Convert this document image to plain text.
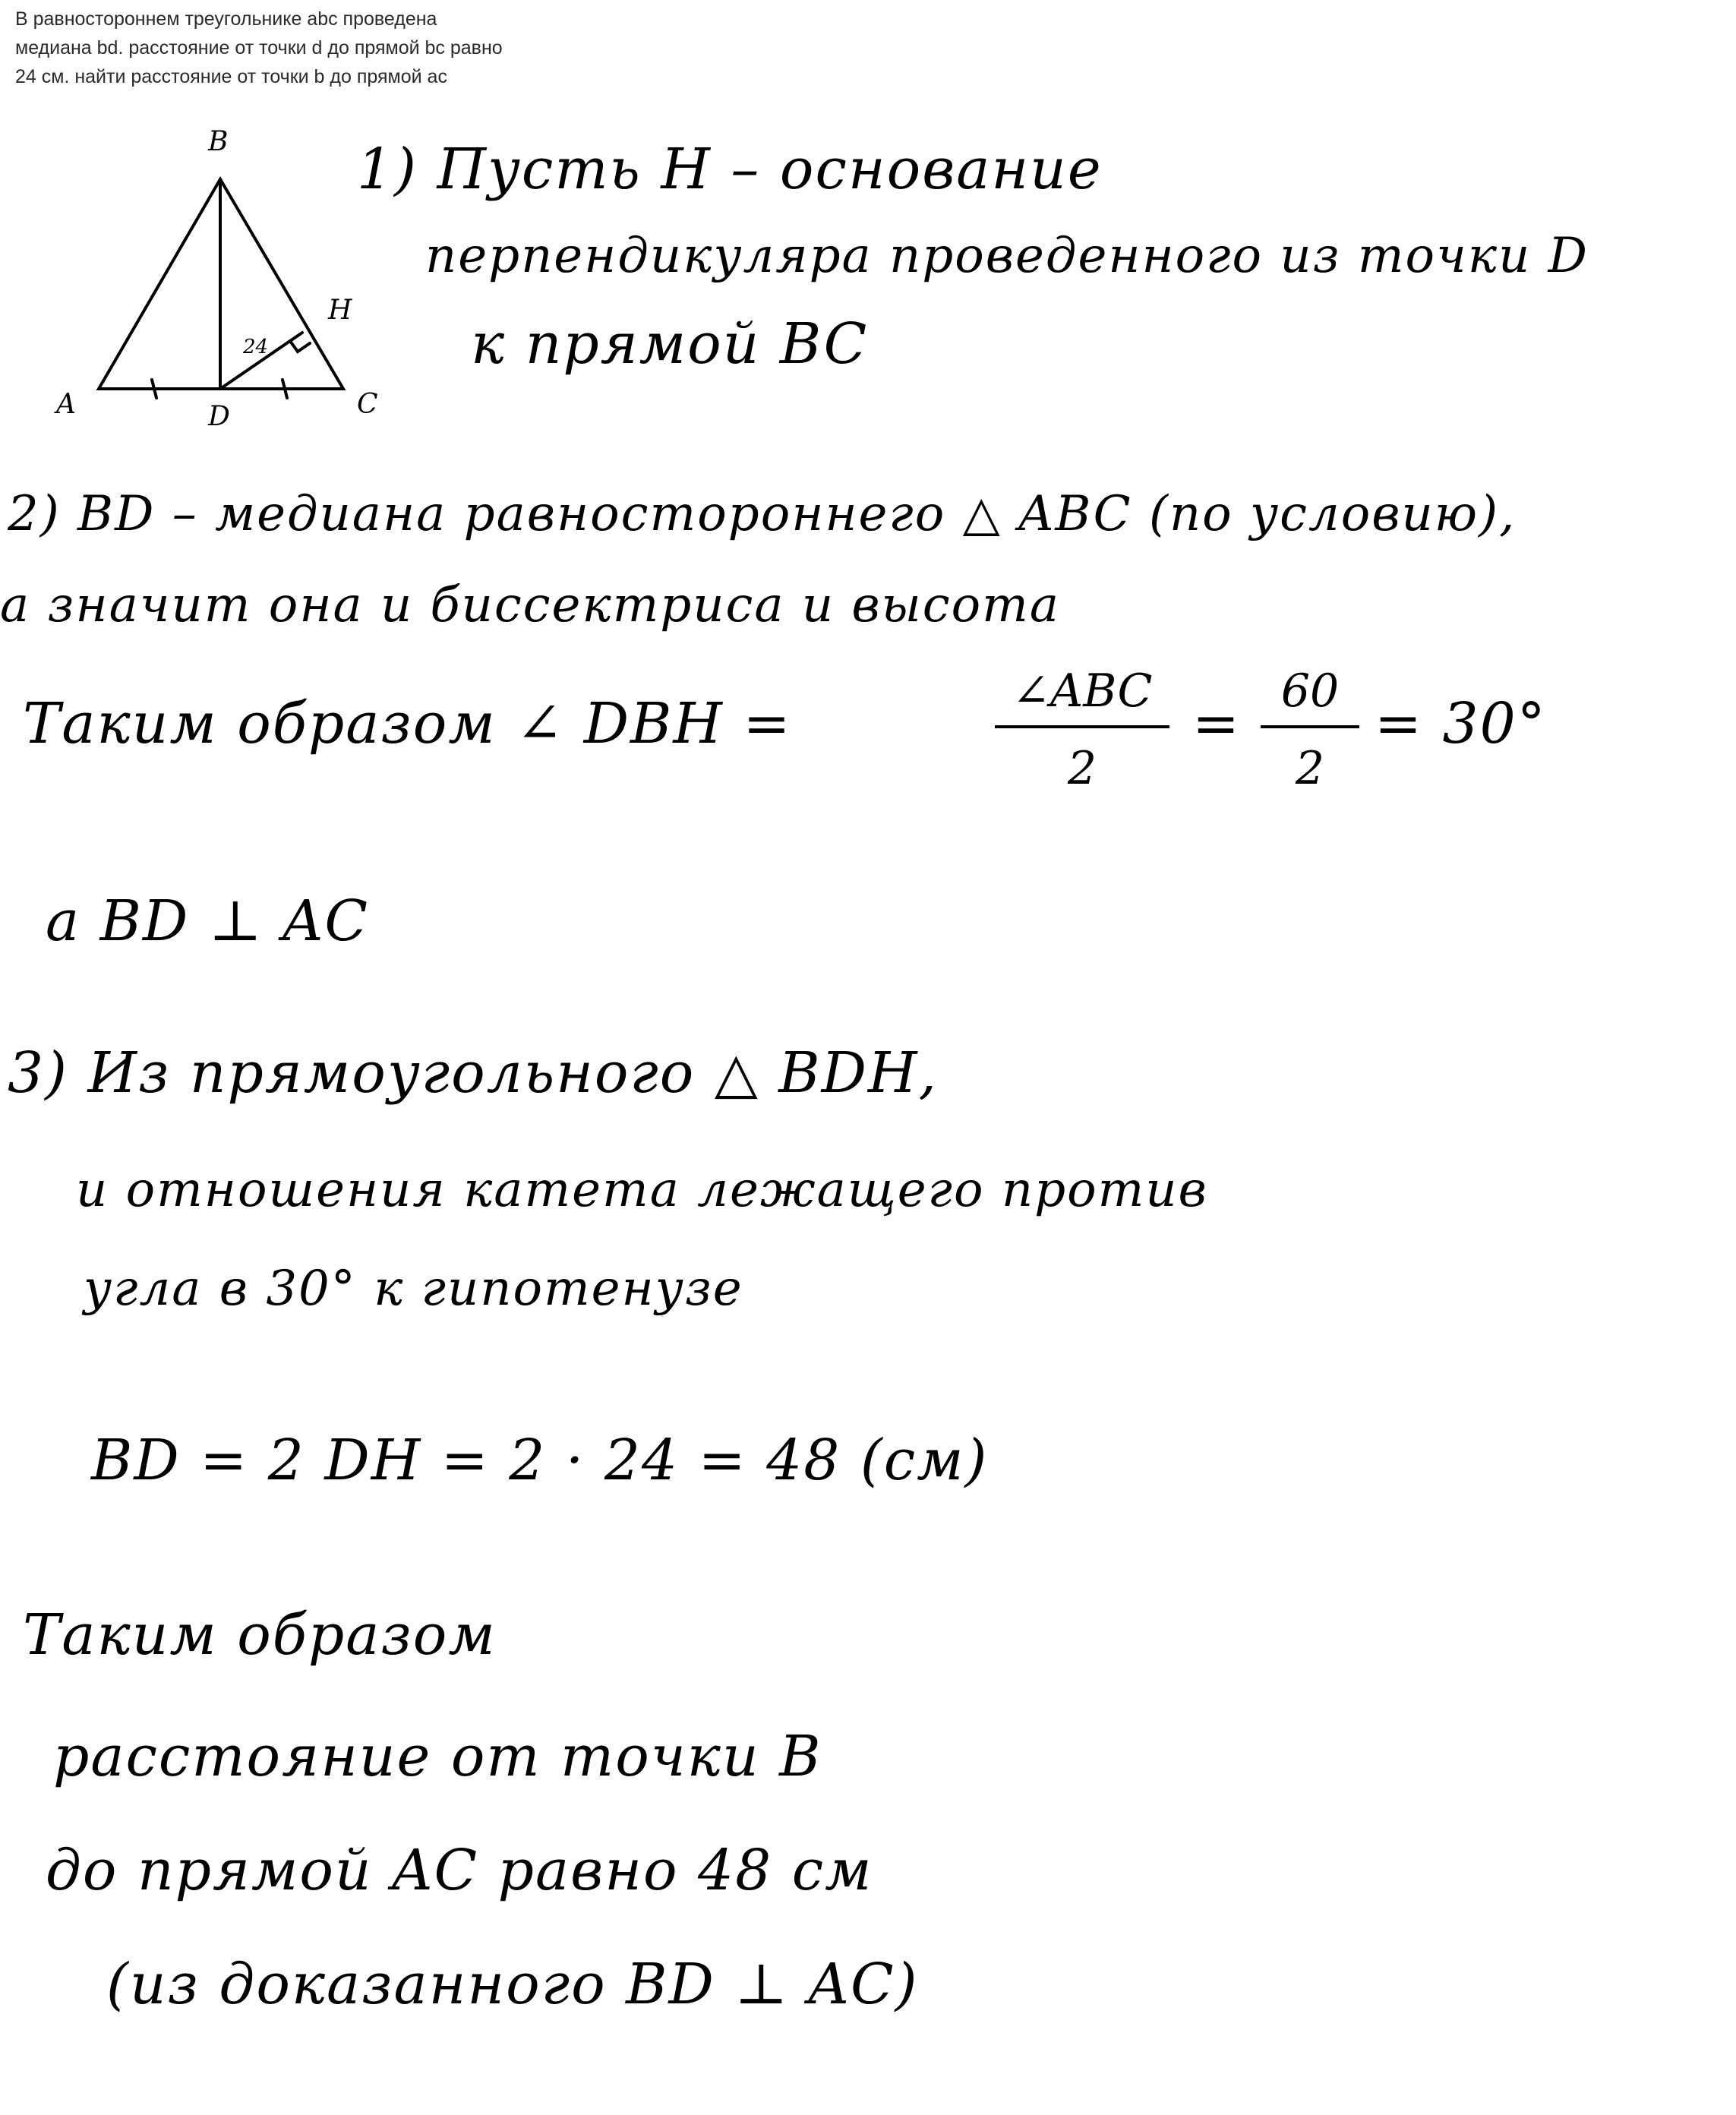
В равностороннем треугольнике abc проведена
медиана bd. расстояние от точки d до прямой bc равно
24 см. найти расстояние от точки b до прямой ac
B
A	C
D
H
24
1) Пусть H – основание
перпендикуляра проведенного из точки D
к прямой BC
2) BD – медиана равностороннего △ ABC (по условию),
а значит она и биссектриса и высота
Таким образом ∠ DBH =	∠ABC
2
= 60
2
= 30°
а BD ⊥ AC
3) Из прямоугольного △ BDH,
и отношения катета лежащего против
угла в 30° к гипотенузе
BD = 2 DH = 2 · 24 = 48 (см)
Таким образом
расстояние от точки B
до прямой AC равно 48 см
(из доказанного BD ⊥ AC)
